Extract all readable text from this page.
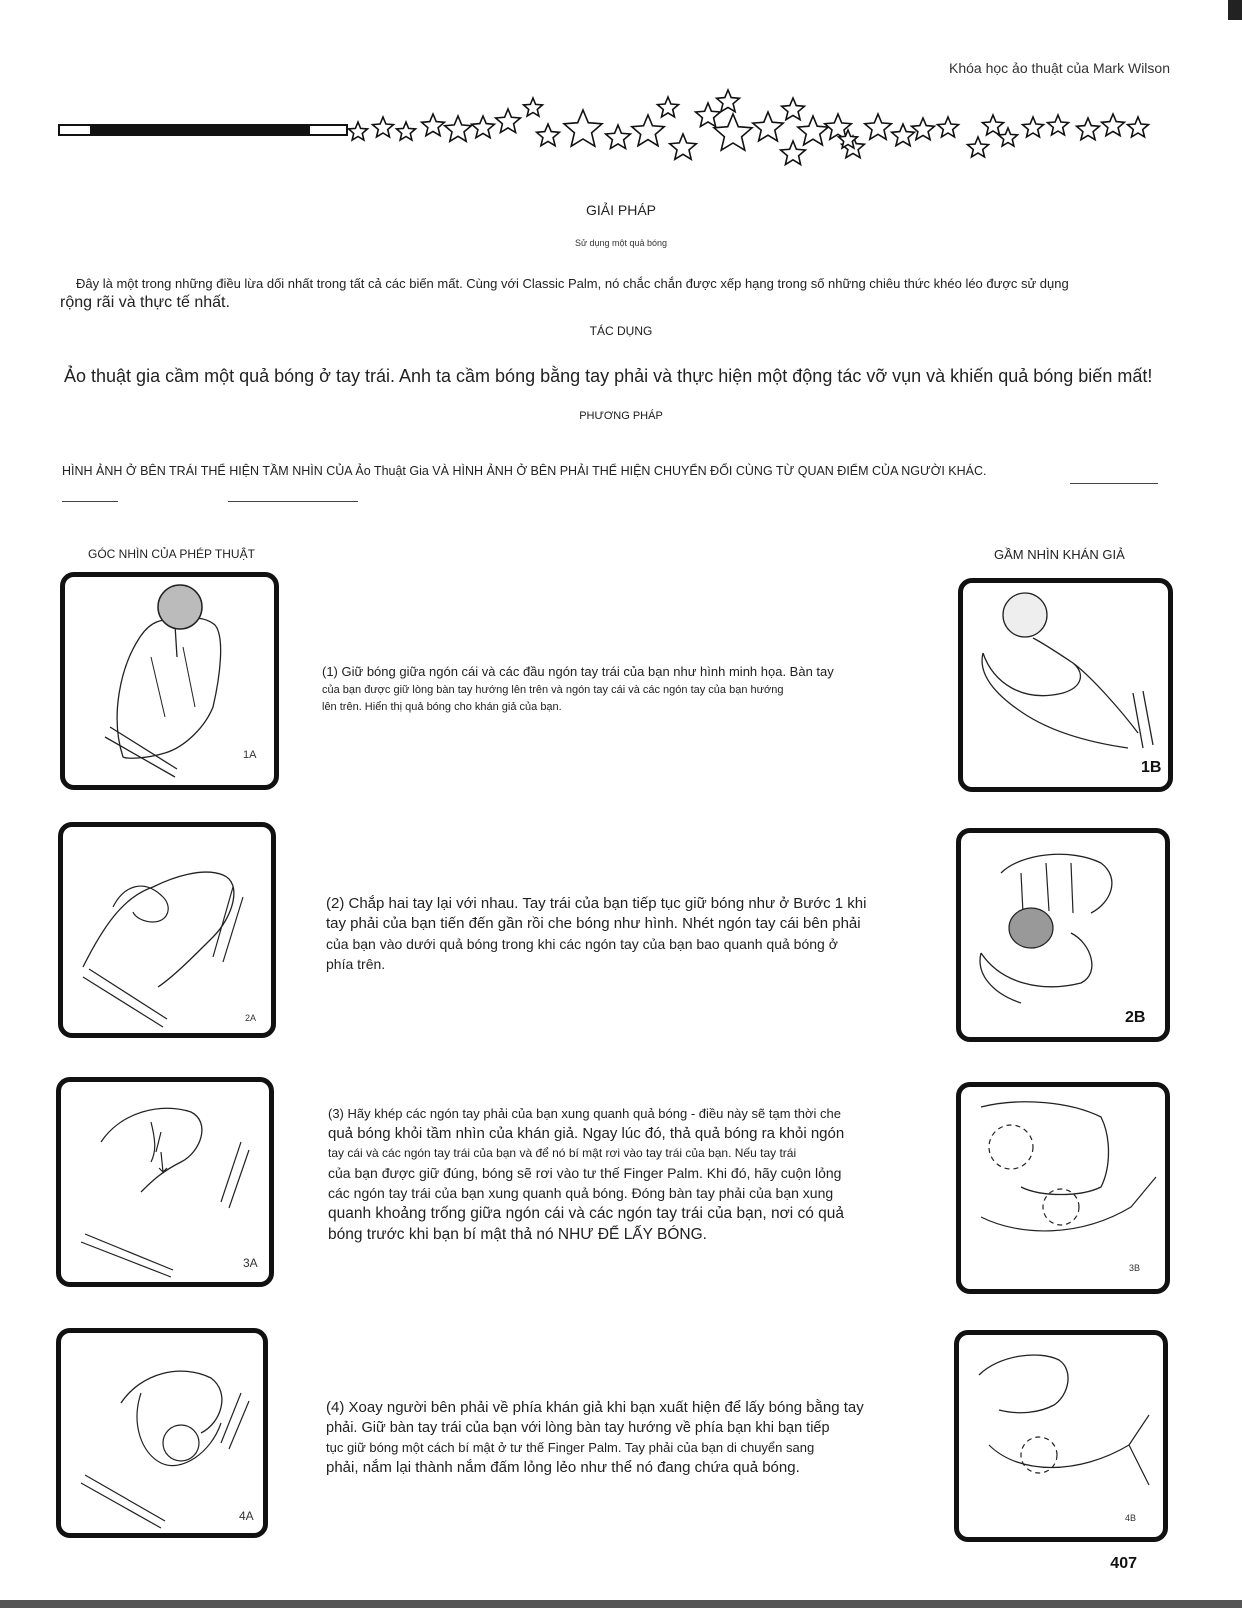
Khóa học ảo thuật của Mark Wilson
GIẢI PHÁP
Sử dụng một quả bóng
Đây là một trong những điều lừa dối nhất trong tất cả các biến mất. Cùng với Classic Palm, nó chắc chắn được xếp hạng trong số những chiêu thức khéo léo được sử dụng
rộng rãi và thực tế nhất.
TÁC DỤNG
Ảo thuật gia cầm một quả bóng ở tay trái. Anh ta cầm bóng bằng tay phải và thực hiện một động tác vỡ vụn và khiến quả bóng biến mất!
PHƯƠNG PHÁP
HÌNH ẢNH Ở BÊN TRÁI THỂ HIỆN TẦM NHÌN CỦA Ảo Thuật Gia VÀ HÌNH ẢNH Ở BÊN PHẢI THỂ HIỆN CHUYỂN ĐỔI CÙNG TỪ QUAN ĐIỂM CỦA NGƯỜI KHÁC.
GÓC NHÌN CỦA PHÉP THUẬT	GẦM NHÌN KHÁN GIẢ
1A
(1) Giữ bóng giữa ngón cái và các đầu ngón tay trái của bạn như hình minh họa. Bàn tay
của bạn được giữ lòng bàn tay hướng lên trên và ngón tay cái và các ngón tay của bạn hướng
lên trên. Hiển thị quả bóng cho khán giả của bạn.
1B
2A
(2) Chắp hai tay lại với nhau. Tay trái của bạn tiếp tục giữ bóng như ở Bước 1 khi
tay phải của bạn tiến đến gần rồi che bóng như hình. Nhét ngón tay cái bên phải
của bạn vào dưới quả bóng trong khi các ngón tay của bạn bao quanh quả bóng ở
phía trên.
2B
3A
(3) Hãy khép các ngón tay phải của bạn xung quanh quả bóng - điều này sẽ tạm thời che
quả bóng khỏi tầm nhìn của khán giả. Ngay lúc đó, thả quả bóng ra khỏi ngón
tay cái và các ngón tay trái của bạn và để nó bí mật rơi vào tay trái của bạn. Nếu tay trái
của bạn được giữ đúng, bóng sẽ rơi vào tư thế Finger Palm. Khi đó, hãy cuộn lỏng
các ngón tay trái của bạn xung quanh quả bóng. Đóng bàn tay phải của bạn xung
quanh khoảng trống giữa ngón cái và các ngón tay trái của bạn, nơi có quả
bóng trước khi bạn bí mật thả nó NHƯ ĐỂ LẤY BÓNG.
3B
4A
(4) Xoay người bên phải về phía khán giả khi bạn xuất hiện để lấy bóng bằng tay
phải. Giữ bàn tay trái của bạn với lòng bàn tay hướng về phía bạn khi bạn tiếp
tục giữ bóng một cách bí mật ở tư thế Finger Palm. Tay phải của bạn di chuyển sang
phải, nắm lại thành nắm đấm lỏng lẻo như thể nó đang chứa quả bóng.
4B
407
